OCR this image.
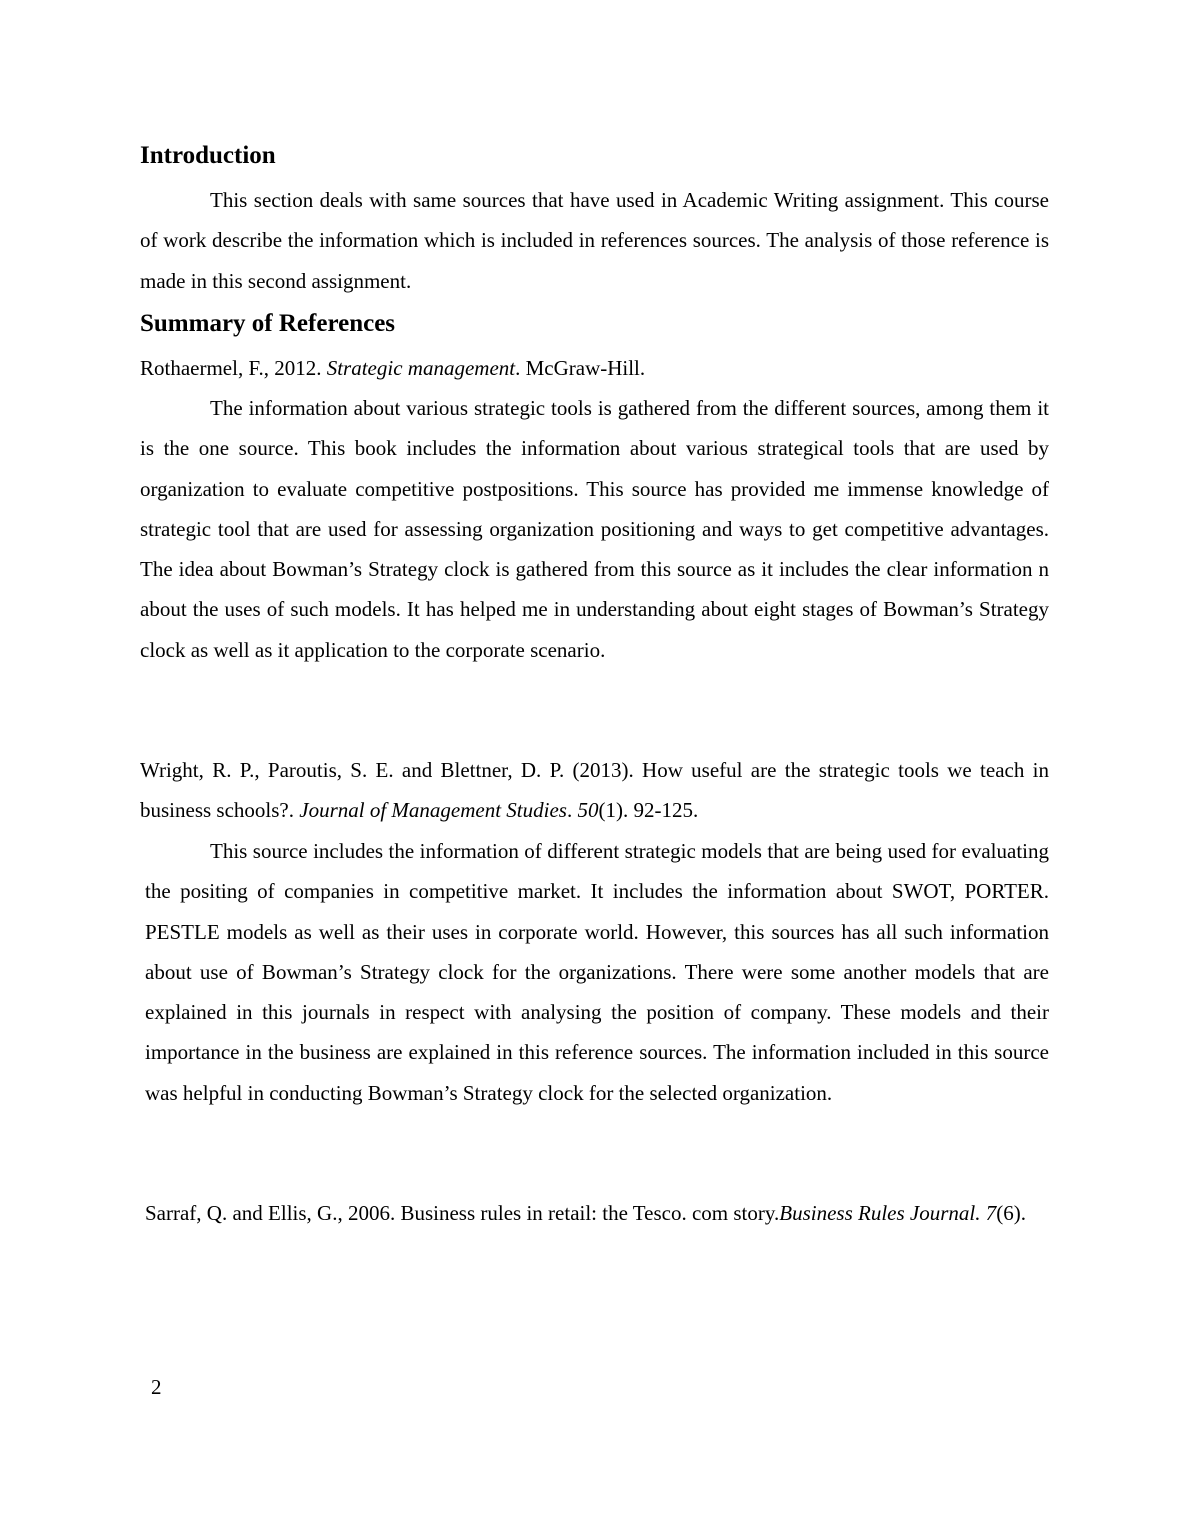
Introduction

This section deals with same sources that have used in Academic Writing assignment. This course of work describe the information which is included in references sources. The analysis of those reference is made in this second assignment.

Summary of References

Rothaermel, F., 2012. Strategic management. McGraw-Hill.

The information about various strategic tools is gathered from the different sources, among them it is the one source. This book includes the information about various strategical tools that are used by organization to evaluate competitive postpositions. This source has provided me immense knowledge of strategic tool that are used for assessing organization positioning and ways to get competitive advantages. The idea about Bowman’s Strategy clock is gathered from this source as it includes the clear information n about the uses of such models. It has helped me in understanding about eight stages of Bowman’s Strategy clock as well as it application to the corporate scenario.

Wright, R. P., Paroutis, S. E. and Blettner, D. P. (2013). How useful are the strategic tools we teach in business schools?. Journal of Management Studies. 50(1). 92-125.

This source includes the information of different strategic models that are being used for evaluating the positing of companies in competitive market. It includes the information about SWOT, PORTER. PESTLE models as well as their uses in corporate world. However, this sources has all such information about use of Bowman’s Strategy clock for the organizations. There were some another models that are explained in this journals in respect with analysing the position of company. These models and their importance in the business are explained in this reference sources. The information included in this source was helpful in conducting Bowman’s Strategy clock for the selected organization.

Sarraf, Q. and Ellis, G., 2006. Business rules in retail: the Tesco. com story.Business Rules Journal. 7(6).

2
